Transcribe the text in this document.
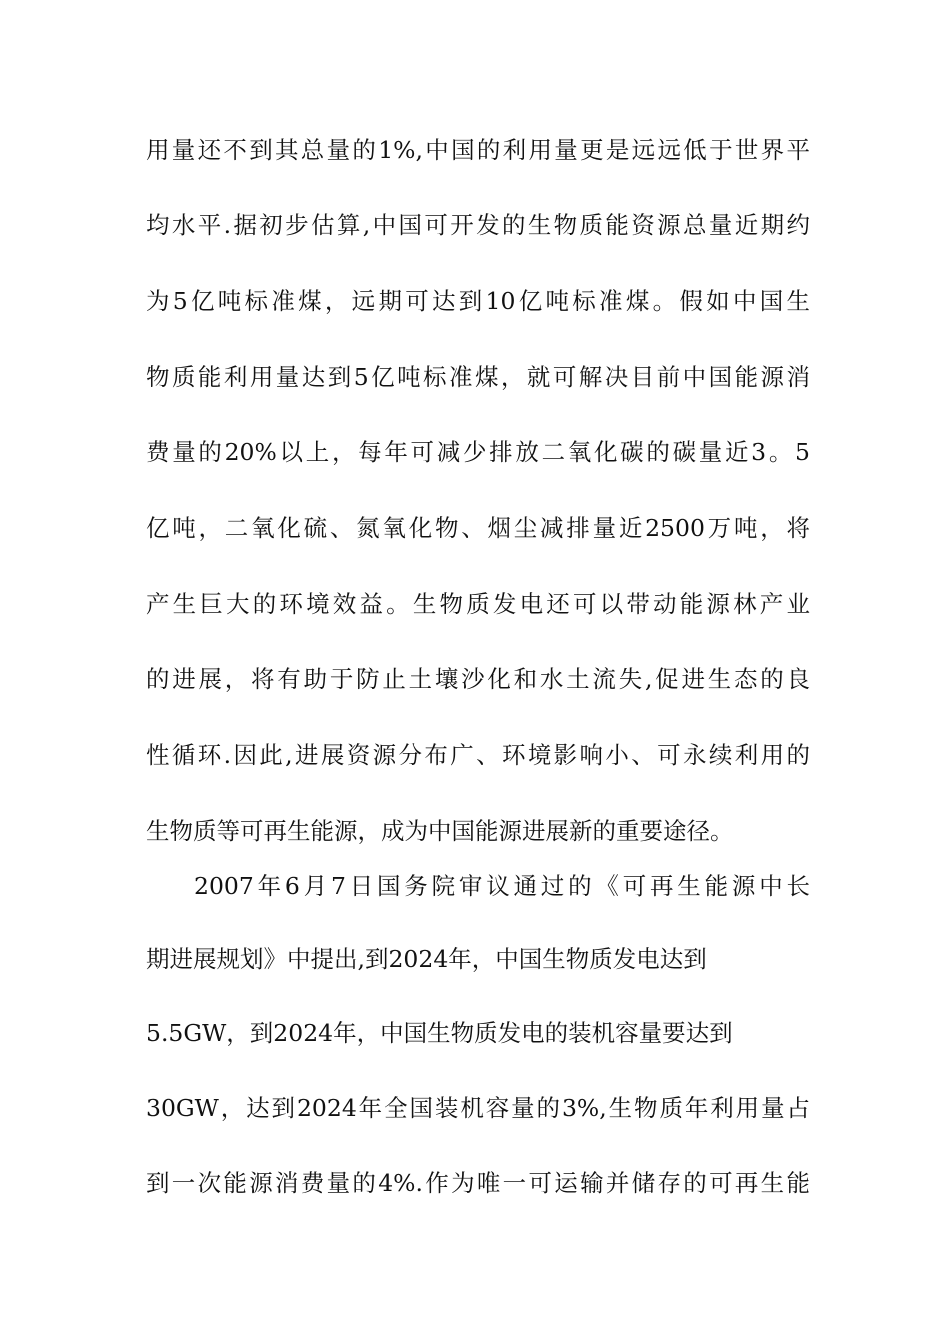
用量还不到其总量的1%,中国的利用量更是远远低于世界平

均水平.据初步估算,中国可开发的生物质能资源总量近期约

为5亿吨标准煤，远期可达到10亿吨标准煤。假如中国生

物质能利用量达到5亿吨标准煤，就可解决目前中国能源消

费量的20%以上，每年可减少排放二氧化碳的碳量近3。5

亿吨，二氧化硫、氮氧化物、烟尘减排量近2500万吨，将

产生巨大的环境效益。生物质发电还可以带动能源林产业

的进展，将有助于防止土壤沙化和水土流失,促进生态的良

性循环.因此,进展资源分布广、环境影响小、可永续利用的

生物质等可再生能源，成为中国能源进展新的重要途径。

2007年6月7日国务院审议通过的《可再生能源中长

期进展规划》中提出,到2024年，中国生物质发电达到

5.5GW，到2024年，中国生物质发电的装机容量要达到

30GW，达到2024年全国装机容量的3%,生物质年利用量占

到一次能源消费量的4%.作为唯一可运输并储存的可再生能
